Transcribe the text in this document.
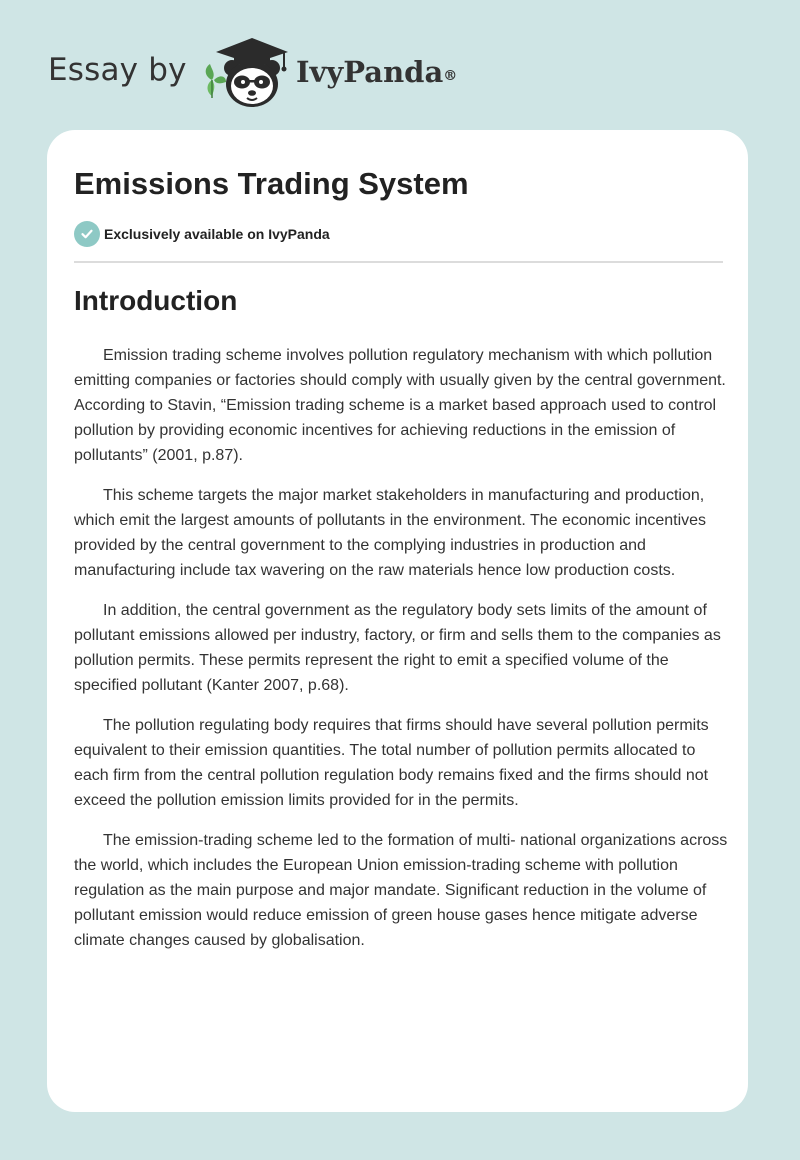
Essay by	IvyPanda®
Emissions Trading System
Exclusively available on IvyPanda
Introduction

Emission trading scheme involves pollution regulatory mechanism with which pollution emitting companies or factories should comply with usually given by the central government. According to Stavin, “Emission trading scheme is a market based approach used to control pollution by providing economic incentives for achieving reductions in the emission of pollutants” (2001, p.87).

This scheme targets the major market stakeholders in manufacturing and production, which emit the largest amounts of pollutants in the environment. The economic incentives provided by the central government to the complying industries in production and manufacturing include tax wavering on the raw materials hence low production costs.

In addition, the central government as the regulatory body sets limits of the amount of pollutant emissions allowed per industry, factory, or firm and sells them to the companies as pollution permits. These permits represent the right to emit a specified volume of the specified pollutant (Kanter 2007, p.68).

The pollution regulating body requires that firms should have several pollution permits equivalent to their emission quantities. The total number of pollution permits allocated to each firm from the central pollution regulation body remains fixed and the firms should not exceed the pollution emission limits provided for in the permits.

The emission-trading scheme led to the formation of multi- national organizations across the world, which includes the European Union emission-trading scheme with pollution regulation as the main purpose and major mandate. Significant reduction in the volume of pollutant emission would reduce emission of green house gases hence mitigate adverse climate changes caused by globalisation.
